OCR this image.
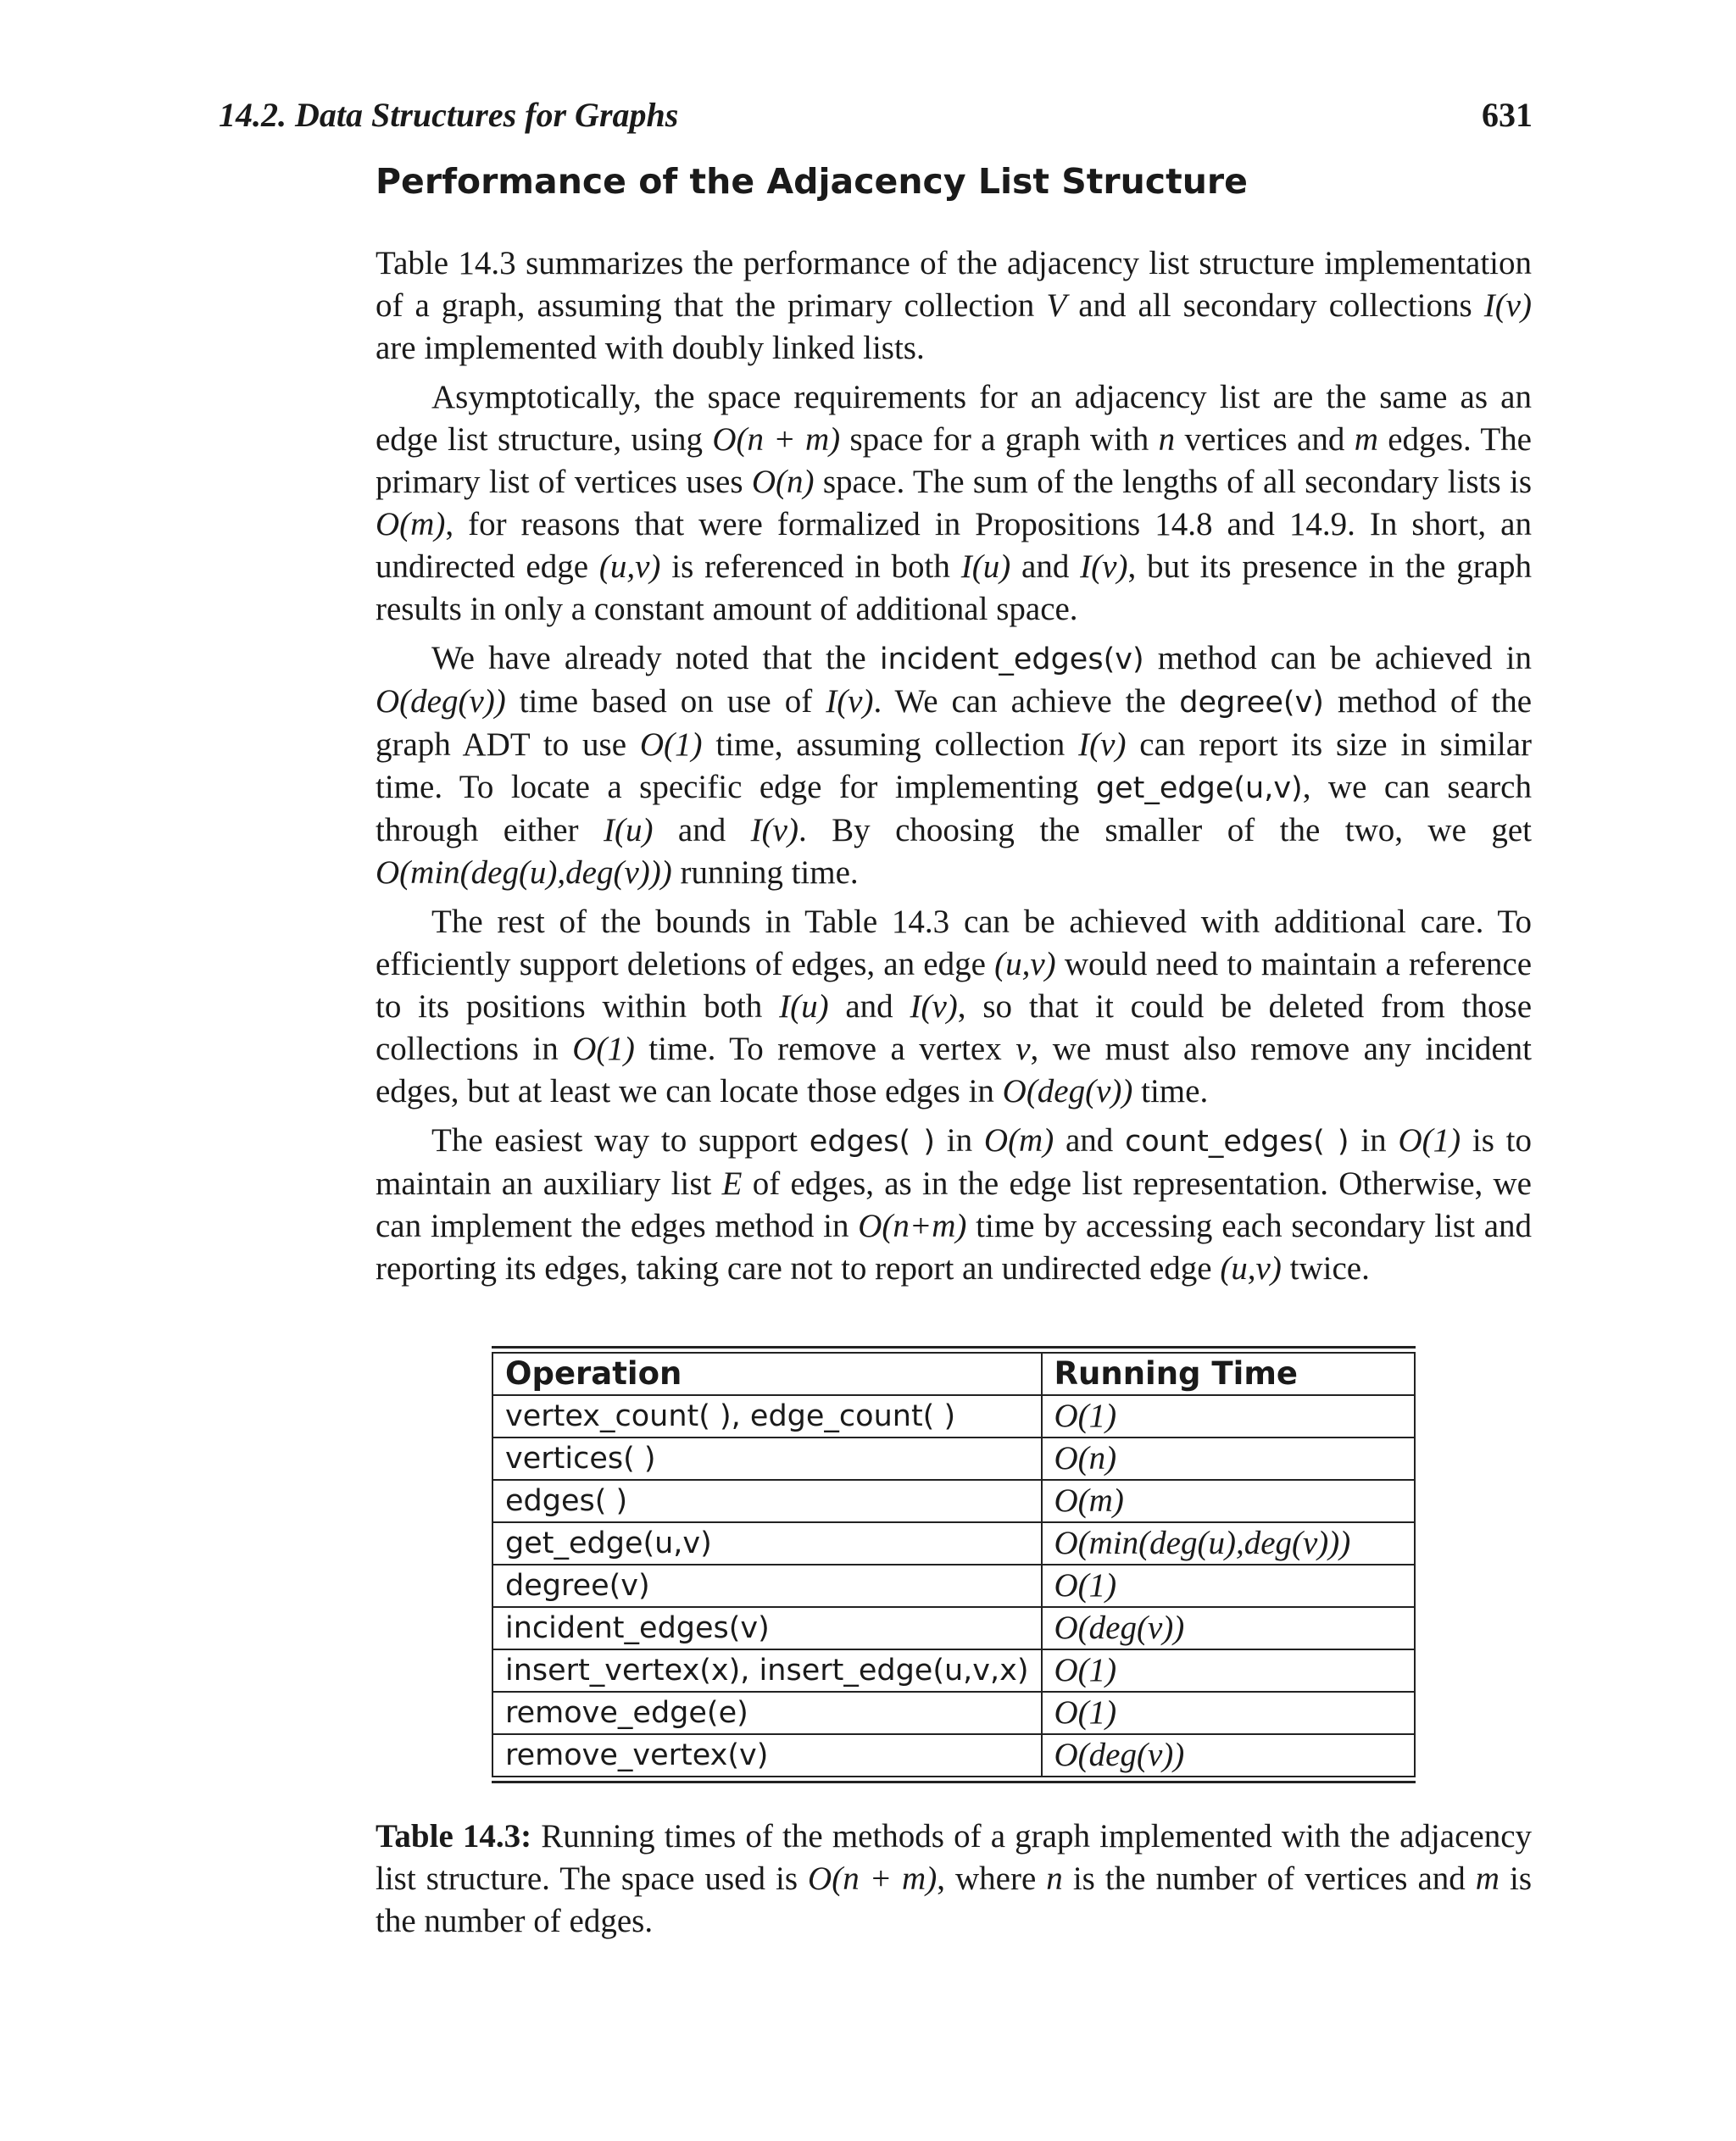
14.2. Data Structures for Graphs	631
Performance of the Adjacency List Structure

Table 14.3 summarizes the performance of the adjacency list structure implementation of a graph, assuming that the primary collection V and all secondary collections I(v) are implemented with doubly linked lists.

Asymptotically, the space requirements for an adjacency list are the same as an edge list structure, using O(n + m) space for a graph with n vertices and m edges. The primary list of vertices uses O(n) space. The sum of the lengths of all secondary lists is O(m), for reasons that were formalized in Propositions 14.8 and 14.9. In short, an undirected edge (u,v) is referenced in both I(u) and I(v), but its presence in the graph results in only a constant amount of additional space.

We have already noted that the incident_edges(v) method can be achieved in O(deg(v)) time based on use of I(v). We can achieve the degree(v) method of the graph ADT to use O(1) time, assuming collection I(v) can report its size in similar time. To locate a specific edge for implementing get_edge(u,v), we can search through either I(u) and I(v). By choosing the smaller of the two, we get O(min(deg(u),deg(v))) running time.

The rest of the bounds in Table 14.3 can be achieved with additional care. To efficiently support deletions of edges, an edge (u,v) would need to maintain a reference to its positions within both I(u) and I(v), so that it could be deleted from those collections in O(1) time. To remove a vertex v, we must also remove any incident edges, but at least we can locate those edges in O(deg(v)) time.

The easiest way to support edges( ) in O(m) and count_edges( ) in O(1) is to maintain an auxiliary list E of edges, as in the edge list representation. Otherwise, we can implement the edges method in O(n+m) time by accessing each secondary list and reporting its edges, taking care not to report an undirected edge (u,v) twice.

Operation	Running Time
vertex_count( ), edge_count( )	O(1)
vertices( )	O(n)
edges( )	O(m)
get_edge(u,v)	O(min(deg(u),deg(v)))
degree(v)	O(1)
incident_edges(v)	O(deg(v))
insert_vertex(x), insert_edge(u,v,x)	O(1)
remove_edge(e)	O(1)
remove_vertex(v)	O(deg(v))
Table 14.3: Running times of the methods of a graph implemented with the adjacency list structure. The space used is O(n + m), where n is the number of vertices and m is the number of edges.
